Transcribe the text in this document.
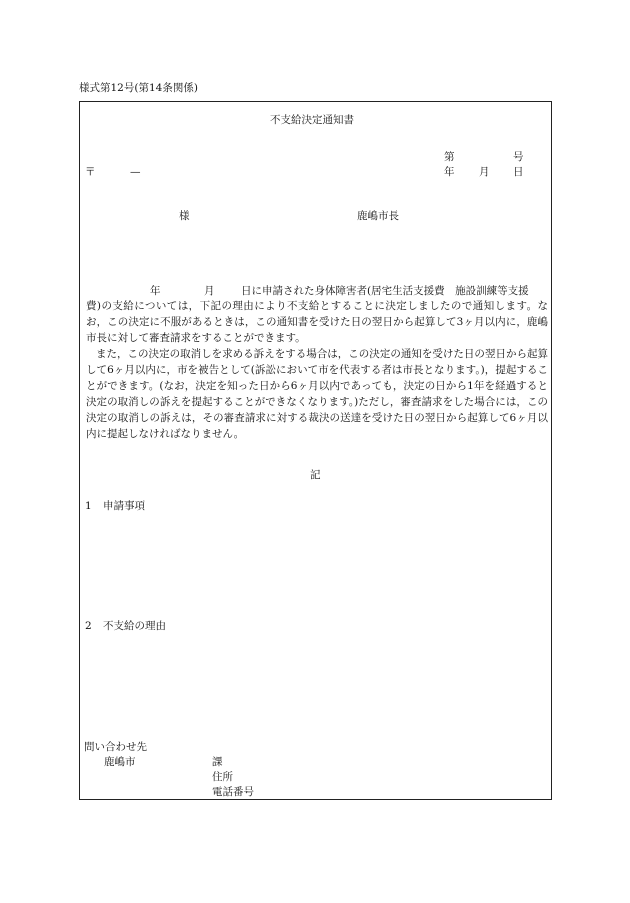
様式第12号(第14条関係)
不支給決定通知書
第	号
〒	—	年 月 日
様	鹿嶋市長
年	月	日に申請された身体障害者(居宅生活支援費　施設訓練等支援
費)の支給については，下記の理由により不支給とすることに決定しましたので通知します。なお，この決定に不服があるときは，この通知書を受けた日の翌日から起算して3ヶ月以内に，鹿嶋市長に対して審査請求をすることができます。
また，この決定の取消しを求める訴えをする場合は，この決定の通知を受けた日の翌日から起算して6ヶ月以内に，市を被告として(訴訟において市を代表する者は市長となります。)，提起することができます。(なお，決定を知った日から6ヶ月以内であっても，決定の日から1年を経過すると決定の取消しの訴えを提起することができなくなります。)ただし，審査請求をした場合には，この決定の取消しの訴えは，その審査請求に対する裁決の送達を受けた日の翌日から起算して6ヶ月以内に提起しなければなりません。
記
1 申請事項
2 不支給の理由
問い合わせ先
鹿嶋市	課
住所
電話番号
